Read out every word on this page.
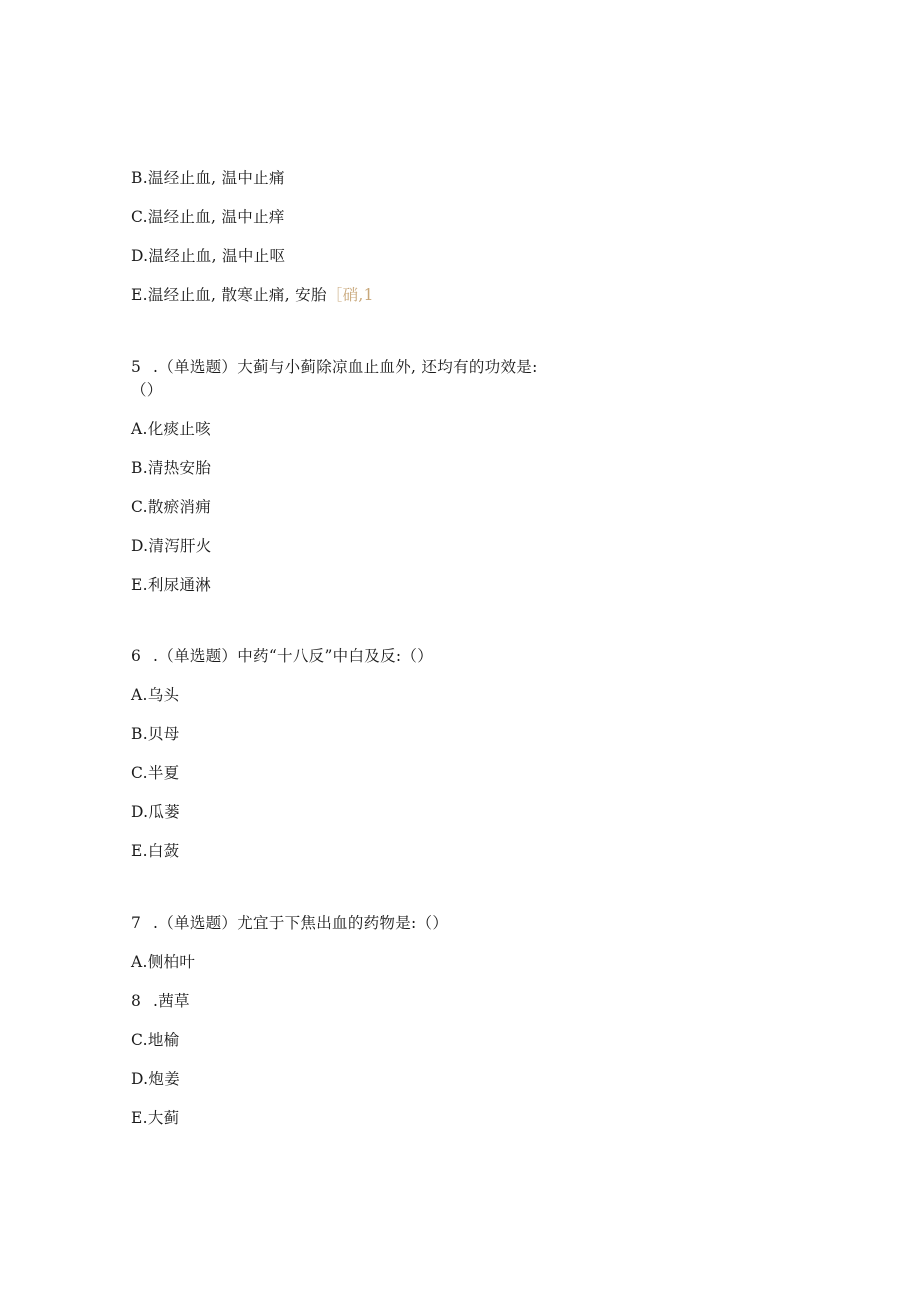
B.温经止血, 温中止痛
C.温经止血, 温中止痒
D.温经止血, 温中止呕
E.温经止血, 散寒止痛, 安胎［硝,1
5 .（单选题）大蓟与小蓟除凉血止血外, 还均有的功效是:
（）
A.化痰止咳
B.清热安胎
C.散瘀消痈
D.清泻肝火
E.利尿通淋
6 .（单选题）中药“十八反”中白及反:（）
A.乌头
B.贝母
C.半夏
D.瓜蒌
E.白蔹
7 .（单选题）尤宜于下焦出血的药物是:（）
A.侧柏叶
8 .茜草
C.地榆
D.炮姜
E.大蓟
